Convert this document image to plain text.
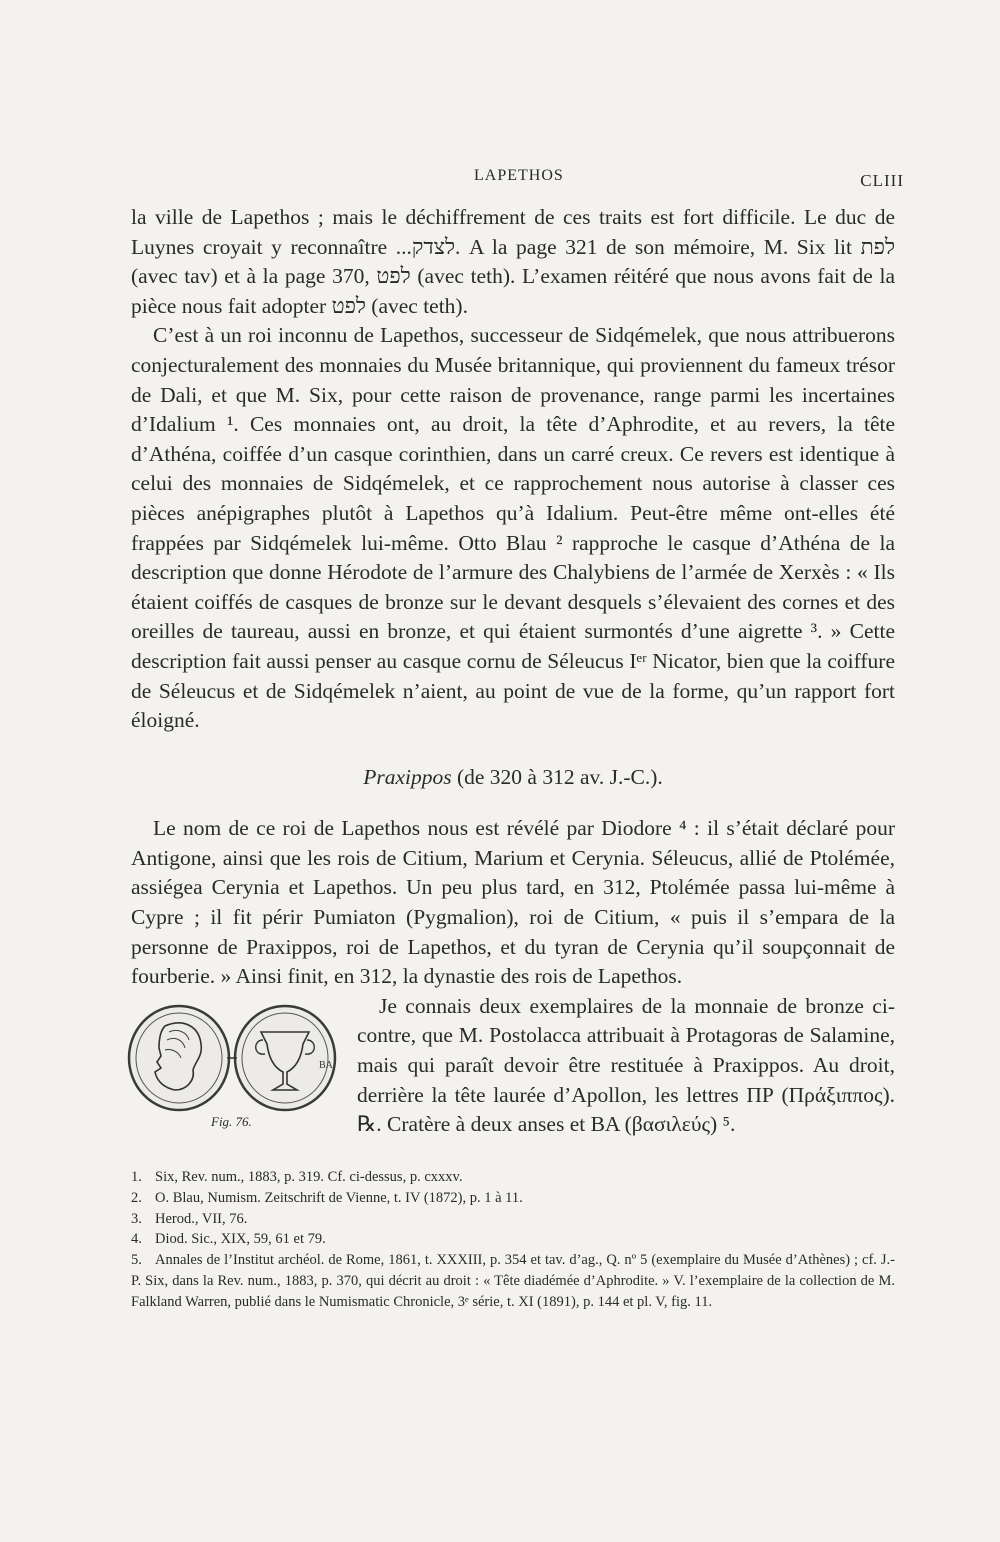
LAPETHOS	CLIII

la ville de Lapethos ; mais le déchiffrement de ces traits est fort difficile. Le duc de Luynes croyait y reconnaître ...לצדק. A la page 321 de son mémoire, M. Six lit לפת (avec tav) et à la page 370, לפט (avec teth). L’examen réitéré que nous avons fait de la pièce nous fait adopter לפט (avec teth).

C’est à un roi inconnu de Lapethos, successeur de Sidqémelek, que nous attribuerons conjecturalement des monnaies du Musée britannique, qui proviennent du fameux trésor de Dali, et que M. Six, pour cette raison de provenance, range parmi les incertaines d’Idalium ¹. Ces monnaies ont, au droit, la tête d’Aphrodite, et au revers, la tête d’Athéna, coiffée d’un casque corinthien, dans un carré creux. Ce revers est identique à celui des monnaies de Sidqémelek, et ce rapprochement nous autorise à classer ces pièces anépigraphes plutôt à Lapethos qu’à Idalium. Peut-être même ont-elles été frappées par Sidqémelek lui-même. Otto Blau ² rapproche le casque d’Athéna de la description que donne Hérodote de l’armure des Chalybiens de l’armée de Xerxès : « Ils étaient coiffés de casques de bronze sur le devant desquels s’élevaient des cornes et des oreilles de taureau, aussi en bronze, et qui étaient surmontés d’une aigrette ³. » Cette description fait aussi penser au casque cornu de Séleucus Iᵉʳ Nicator, bien que la coiffure de Séleucus et de Sidqémelek n’aient, au point de vue de la forme, qu’un rapport fort éloigné.

Praxippos (de 320 à 312 av. J.-C.).

Le nom de ce roi de Lapethos nous est révélé par Diodore ⁴ : il s’était déclaré pour Antigone, ainsi que les rois de Citium, Marium et Cerynia. Séleucus, allié de Ptolémée, assiégea Cerynia et Lapethos. Un peu plus tard, en 312, Ptolémée passa lui-même à Cypre ; il fit périr Pumiaton (Pygmalion), roi de Citium, « puis il s’empara de la personne de Praxippos, roi de Lapethos, et du tyran de Cerynia qu’il soupçonnait de fourberie. » Ainsi finit, en 312, la dynastie des rois de Lapethos.

BA
Fig. 76.

Je connais deux exemplaires de la monnaie de bronze ci-contre, que M. Postolacca attribuait à Protagoras de Salamine, mais qui paraît devoir être restituée à Praxippos. Au droit, derrière la tête laurée d’Apollon, les lettres ΠΡ (Πράξιππος). ℞. Cratère à deux anses et ΒΑ (βασιλεύς) ⁵.

1. Six, Rev. num., 1883, p. 319. Cf. ci-dessus, p. cxxxv.
2. O. Blau, Numism. Zeitschrift de Vienne, t. IV (1872), p. 1 à 11.
3. Herod., VII, 76.
4. Diod. Sic., XIX, 59, 61 et 79.
5. Annales de l’Institut archéol. de Rome, 1861, t. XXXIII, p. 354 et tav. d’ag., Q. nº 5 (exemplaire du Musée d’Athènes) ; cf. J.-P. Six, dans la Rev. num., 1883, p. 370, qui décrit au droit : « Tête diadémée d’Aphrodite. » V. l’exemplaire de la collection de M. Falkland Warren, publié dans le Numismatic Chronicle, 3ᵉ série, t. XI (1891), p. 144 et pl. V, fig. 11.
